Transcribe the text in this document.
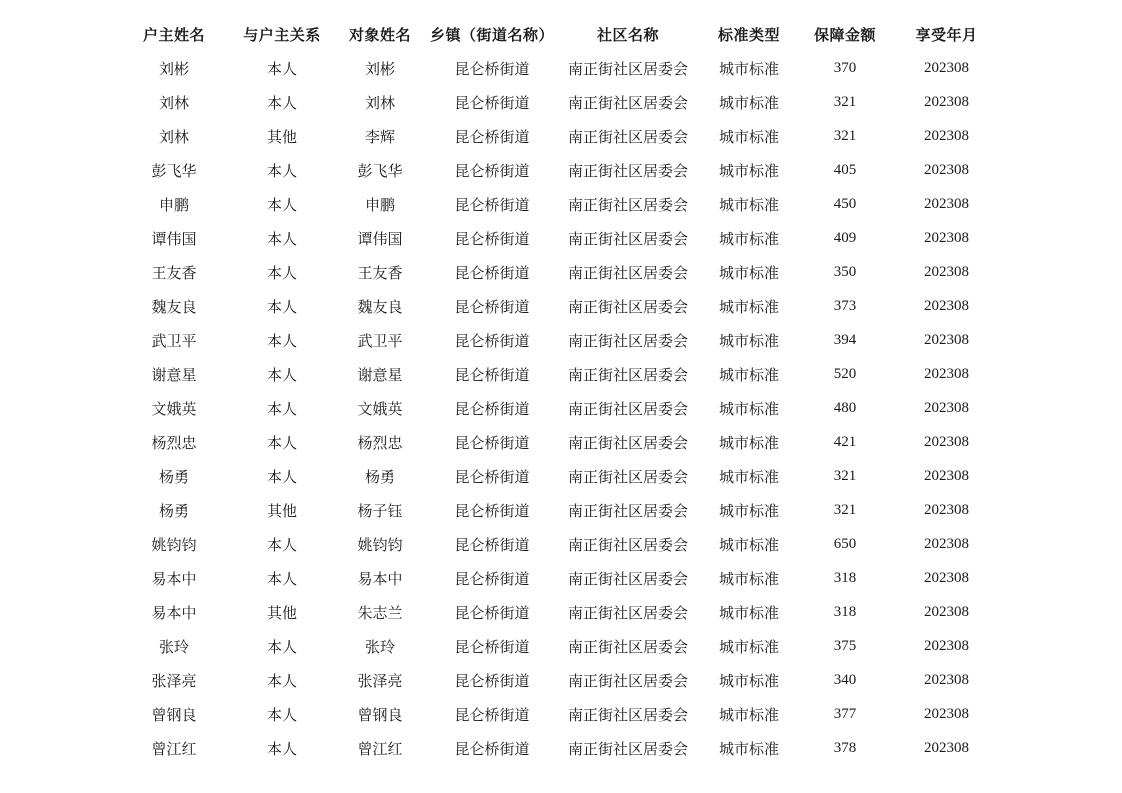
户主姓名	与户主关系	对象姓名	乡镇（街道名称）	社区名称	标准类型	保障金额	享受年月
刘彬	本人	刘彬	昆仑桥街道	南正街社区居委会	城市标准	370	202308
刘林	本人	刘林	昆仑桥街道	南正街社区居委会	城市标准	321	202308
刘林	其他	李辉	昆仑桥街道	南正街社区居委会	城市标准	321	202308
彭飞华	本人	彭飞华	昆仑桥街道	南正街社区居委会	城市标准	405	202308
申鹏	本人	申鹏	昆仑桥街道	南正街社区居委会	城市标准	450	202308
谭伟国	本人	谭伟国	昆仑桥街道	南正街社区居委会	城市标准	409	202308
王友香	本人	王友香	昆仑桥街道	南正街社区居委会	城市标准	350	202308
魏友良	本人	魏友良	昆仑桥街道	南正街社区居委会	城市标准	373	202308
武卫平	本人	武卫平	昆仑桥街道	南正街社区居委会	城市标准	394	202308
谢意星	本人	谢意星	昆仑桥街道	南正街社区居委会	城市标准	520	202308
文娥英	本人	文娥英	昆仑桥街道	南正街社区居委会	城市标准	480	202308
杨烈忠	本人	杨烈忠	昆仑桥街道	南正街社区居委会	城市标准	421	202308
杨勇	本人	杨勇	昆仑桥街道	南正街社区居委会	城市标准	321	202308
杨勇	其他	杨子钰	昆仑桥街道	南正街社区居委会	城市标准	321	202308
姚钧钧	本人	姚钧钧	昆仑桥街道	南正街社区居委会	城市标准	650	202308
易本中	本人	易本中	昆仑桥街道	南正街社区居委会	城市标准	318	202308
易本中	其他	朱志兰	昆仑桥街道	南正街社区居委会	城市标准	318	202308
张玲	本人	张玲	昆仑桥街道	南正街社区居委会	城市标准	375	202308
张泽亮	本人	张泽亮	昆仑桥街道	南正街社区居委会	城市标准	340	202308
曾钢良	本人	曾钢良	昆仑桥街道	南正街社区居委会	城市标准	377	202308
曾江红	本人	曾江红	昆仑桥街道	南正街社区居委会	城市标准	378	202308
